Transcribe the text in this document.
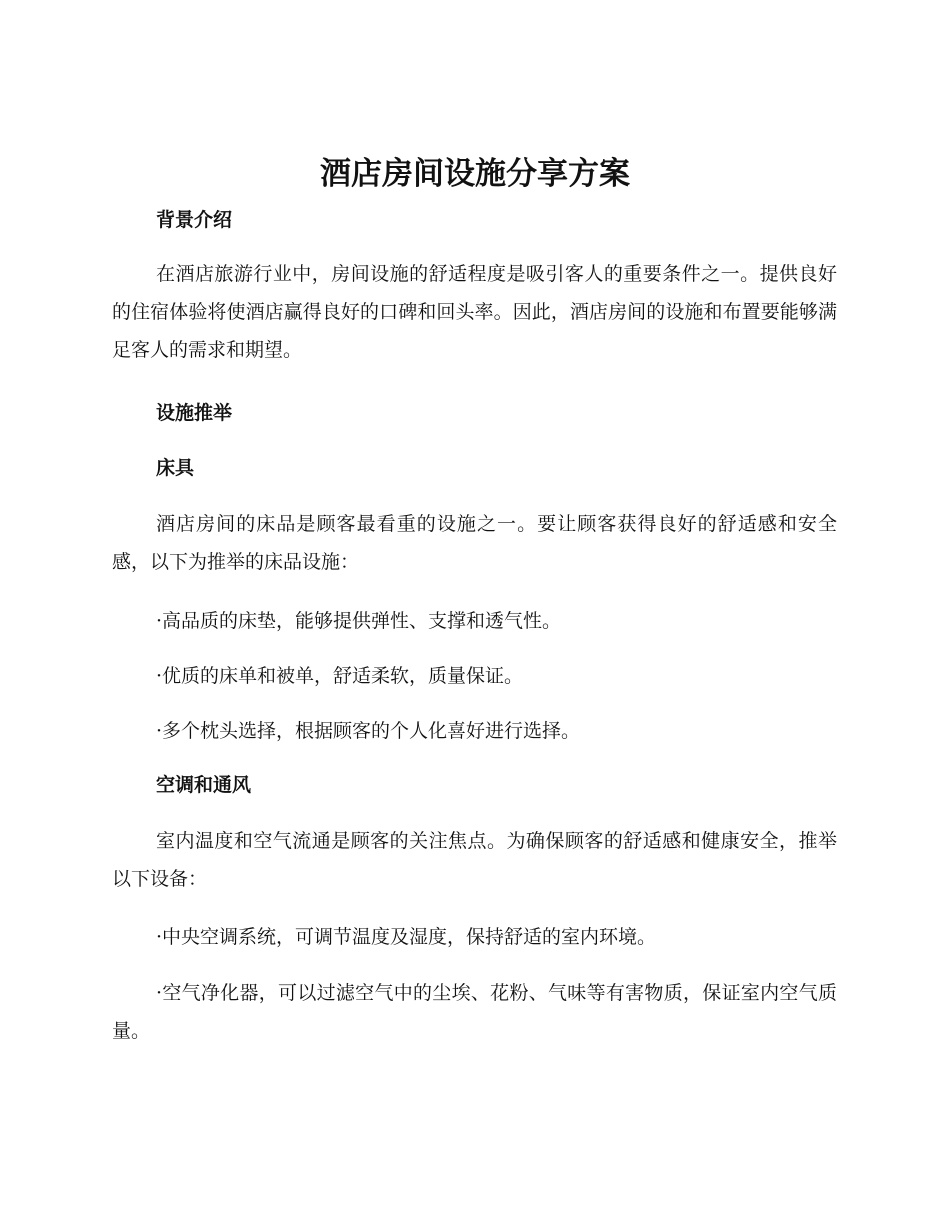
酒店房间设施分享方案
背景介绍

在酒店旅游行业中，房间设施的舒适程度是吸引客人的重要条件之一。提供良好的住宿体验将使酒店赢得良好的口碑和回头率。因此，酒店房间的设施和布置要能够满足客人的需求和期望。

设施推举
床具

酒店房间的床品是顾客最看重的设施之一。要让顾客获得良好的舒适感和安全感，以下为推举的床品设施：

·高品质的床垫，能够提供弹性、支撑和透气性。

·优质的床单和被单，舒适柔软，质量保证。

·多个枕头选择，根据顾客的个人化喜好进行选择。

空调和通风

室内温度和空气流通是顾客的关注焦点。为确保顾客的舒适感和健康安全，推举以下设备：

·中央空调系统，可调节温度及湿度，保持舒适的室内环境。

·空气净化器，可以过滤空气中的尘埃、花粉、气味等有害物质，保证室内空气质量。
